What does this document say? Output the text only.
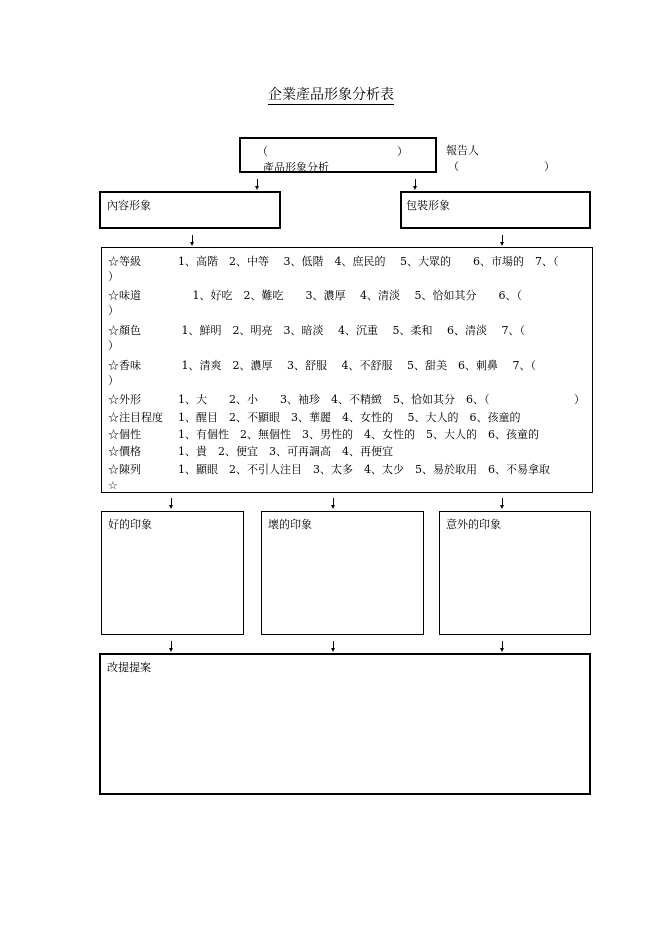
企業產品形象分析表
（	）
產品形象分析
報告人
（	）
內容形象	包裝形象
☆等級	1、高階　2、中等　 3、低階　4、庶民的　 5、大眾的　　6、市場的　7、（
）
☆味道	　 1、好吃　2、難吃　　3、濃厚　 4、清淡　 5、恰如其分　　6、（
）
☆顏色	1、鮮明　2、明亮　3、暗淡　 4、沉重　 5、柔和　 6、清淡　 7、（
）
☆香味	1、清爽　2、濃厚　 3、舒服　 4、不舒服　 5、甜美　6、刺鼻　 7、（
）
☆外形	1、大　　2、小　　3、袖珍　4、不精緻　5、恰如其分　6、（	）
☆注目程度 1、醒目　2、不顯眼　3、華麗　4、女性的　 5、大人的　6、孩童的
☆個性	1、有個性　2、無個性　3、男性的　4、女性的　5、大人的　6、孩童的
☆價格	1、貴　2、便宜　3、可再調高　4、再便宜
☆陳列	1、顯眼　2、不引人注目　3、太多　4、太少　5、易於取用　6、不易拿取
☆
好的印象	壞的印象	意外的印象
改提提案
